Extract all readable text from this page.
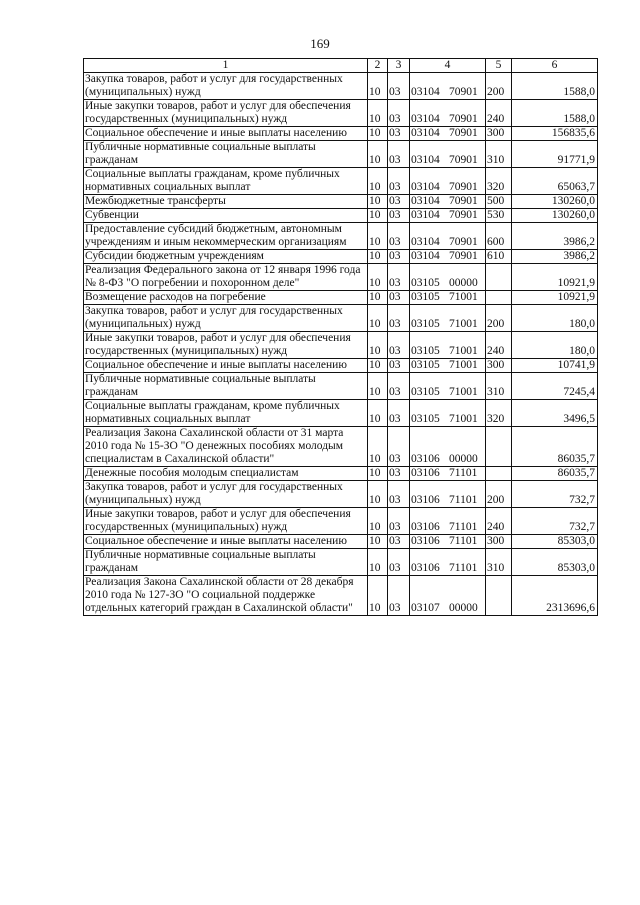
169
1	2	3	4	5	6
Закупка товаров, работ и услуг для государственных (муниципальных) нужд	10	03	03104 70901	200	1588,0
Иные закупки товаров, работ и услуг для обеспечения государственных (муниципальных) нужд	10	03	03104 70901	240	1588,0
Социальное обеспечение и иные выплаты населению	10	03	03104 70901	300	156835,6
Публичные нормативные социальные выплаты гражданам	10	03	03104 70901	310	91771,9
Социальные выплаты гражданам, кроме публичных нормативных социальных выплат	10	03	03104 70901	320	65063,7
Межбюджетные трансферты	10	03	03104 70901	500	130260,0
Субвенции	10	03	03104 70901	530	130260,0
Предоставление субсидий бюджетным, автономным учреждениям и иным некоммерческим организациям	10	03	03104 70901	600	3986,2
Субсидии бюджетным учреждениям	10	03	03104 70901	610	3986,2
Реализация Федерального закона от 12 января 1996 года № 8-ФЗ "О погребении и похоронном деле"	10	03	03105 00000		10921,9
Возмещение расходов на погребение	10	03	03105 71001		10921,9
Закупка товаров, работ и услуг для государственных (муниципальных) нужд	10	03	03105 71001	200	180,0
Иные закупки товаров, работ и услуг для обеспечения государственных (муниципальных) нужд	10	03	03105 71001	240	180,0
Социальное обеспечение и иные выплаты населению	10	03	03105 71001	300	10741,9
Публичные нормативные социальные выплаты гражданам	10	03	03105 71001	310	7245,4
Социальные выплаты гражданам, кроме публичных нормативных социальных выплат	10	03	03105 71001	320	3496,5
Реализация Закона Сахалинской области от 31 марта 2010 года № 15-ЗО "О денежных пособиях молодым специалистам в Сахалинской области"	10	03	03106 00000		86035,7
Денежные пособия молодым специалистам	10	03	03106 71101		86035,7
Закупка товаров, работ и услуг для государственных (муниципальных) нужд	10	03	03106 71101	200	732,7
Иные закупки товаров, работ и услуг для обеспечения государственных (муниципальных) нужд	10	03	03106 71101	240	732,7
Социальное обеспечение и иные выплаты населению	10	03	03106 71101	300	85303,0
Публичные нормативные социальные выплаты гражданам	10	03	03106 71101	310	85303,0
Реализация Закона Сахалинской области от 28 декабря 2010 года № 127-ЗО "О социальной поддержке отдельных категорий граждан в Сахалинской области"	10	03	03107 00000		2313696,6
